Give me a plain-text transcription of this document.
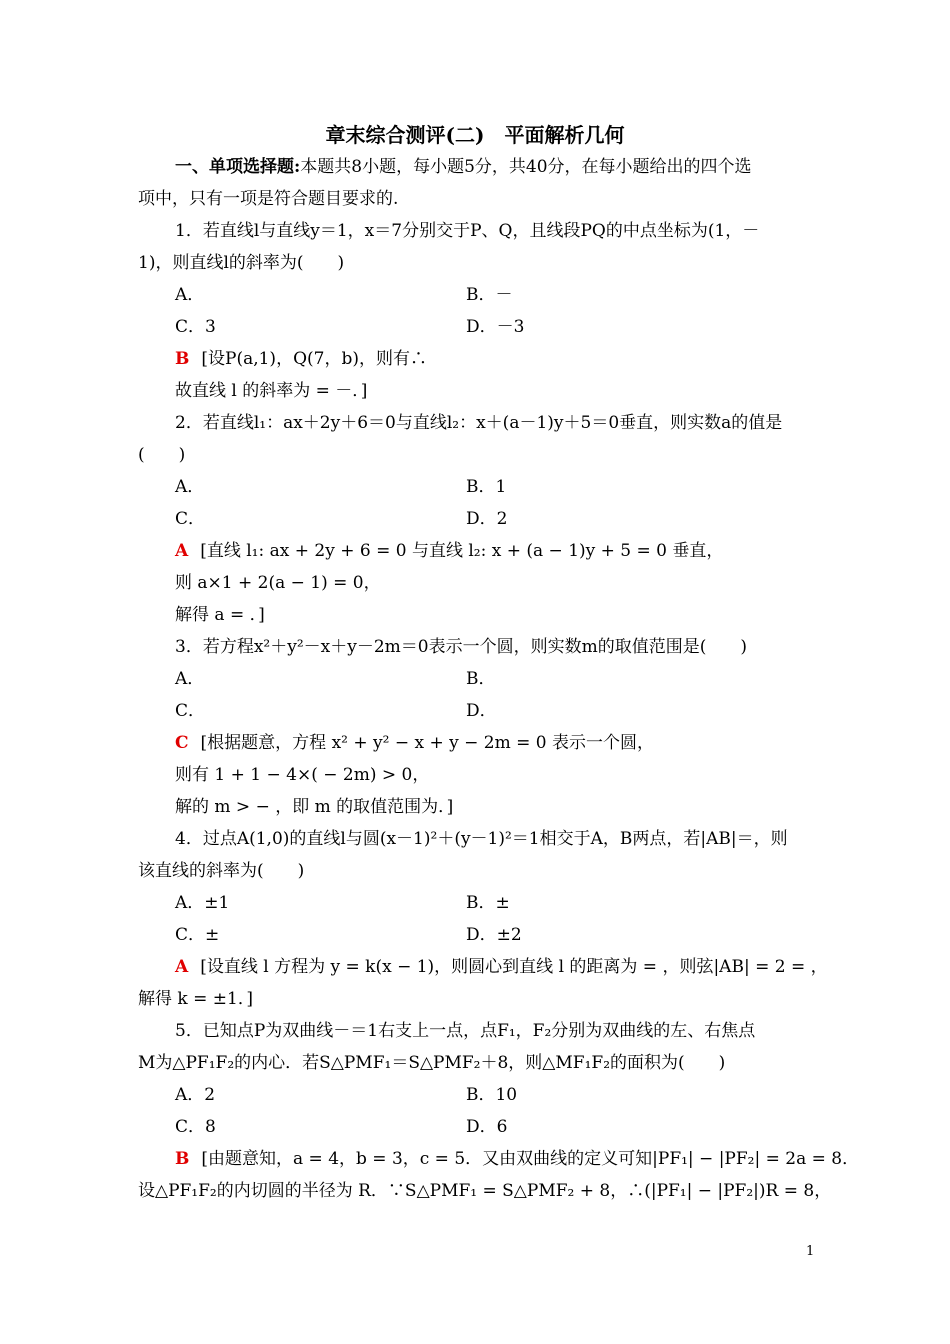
章末综合测评(二)　平面解析几何
一、单项选择题:本题共8小题，每小题5分，共40分，在每小题给出的四个选
项中，只有一项是符合题目要求的.
1．若直线l与直线y＝1，x＝7分别交于P、Q，且线段PQ的中点坐标为(1，－
1)，则直线l的斜率为(　　)
A．	B．－
C．3	D．－3
B [设P(a,1)，Q(7，b)，则有∴
故直线 l 的斜率为 = －．]
2．若直线l₁：ax＋2y＋6＝0与直线l₂：x＋(a－1)y＋5＝0垂直，则实数a的值是
(　　)
A．	B．1
C．	D．2
A [直线 l₁: ax + 2y + 6 = 0 与直线 l₂: x + (a − 1)y + 5 = 0 垂直，
则 a×1 + 2(a − 1) = 0，
解得 a = ．]
3．若方程x²＋y²－x＋y－2m＝0表示一个圆，则实数m的取值范围是(　　)
A．	B．
C．	D．
C [根据题意，方程 x² + y² − x + y − 2m = 0 表示一个圆，
则有 1 + 1 − 4×( − 2m) > 0，
解的 m > − ，即 m 的取值范围为．]
4．过点A(1,0)的直线l与圆(x－1)²＋(y－1)²＝1相交于A，B两点，若|AB|＝，则
该直线的斜率为(　　)
A．±1	B．±
C．±	D．±2
A [设直线 l 方程为 y = k(x − 1)，则圆心到直线 l 的距离为 = ，则弦|AB| = 2 = ，
解得 k = ±1．]
5．已知点P为双曲线－＝1右支上一点，点F₁，F₂分别为双曲线的左、右焦点
M为△PF₁F₂的内心．若S△PMF₁＝S△PMF₂＋8，则△MF₁F₂的面积为(　　)
A．2	B．10
C．8	D．6
B [由题意知，a = 4，b = 3，c = 5．又由双曲线的定义可知|PF₁| − |PF₂| = 2a = 8．
设△PF₁F₂的内切圆的半径为 R．∵S△PMF₁ = S△PMF₂ + 8，∴(|PF₁| − |PF₂|)R = 8，
1
